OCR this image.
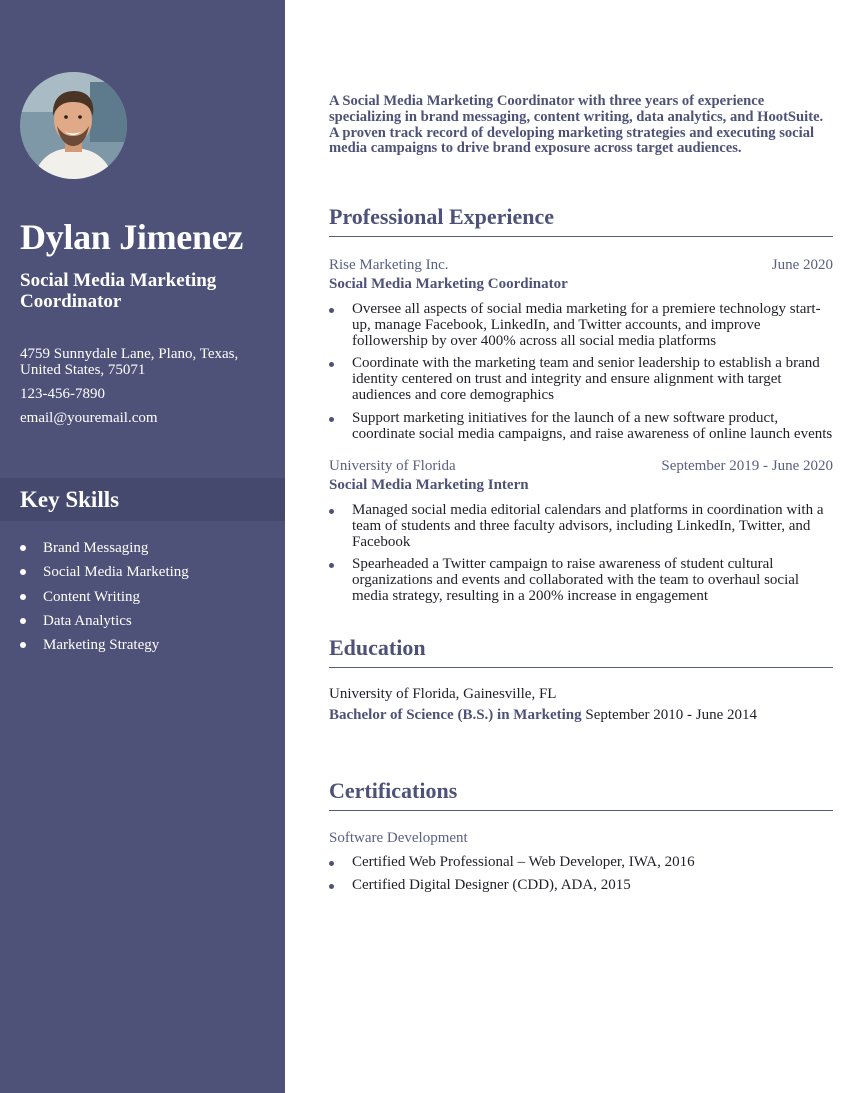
Dylan Jimenez
Social Media Marketing Coordinator
4759 Sunnydale Lane, Plano, Texas, United States, 75071
123-456-7890
email@youremail.com
Key Skills
Brand Messaging
Social Media Marketing
Content Writing
Data Analytics
Marketing Strategy

A Social Media Marketing Coordinator with three years of experience specializing in brand messaging, content writing, data analytics, and HootSuite. A proven track record of developing marketing strategies and executing social media campaigns to drive brand exposure across target audiences.

Professional Experience
Rise Marketing Inc.	June 2020
Social Media Marketing Coordinator
Oversee all aspects of social media marketing for a premiere technology start-up, manage Facebook, LinkedIn, and Twitter accounts, and improve followership by over 400% across all social media platforms
Coordinate with the marketing team and senior leadership to establish a brand identity centered on trust and integrity and ensure alignment with target audiences and core demographics
Support marketing initiatives for the launch of a new software product, coordinate social media campaigns, and raise awareness of online launch events
University of Florida	September 2019 - June 2020
Social Media Marketing Intern
Managed social media editorial calendars and platforms in coordination with a team of students and three faculty advisors, including LinkedIn, Twitter, and Facebook
Spearheaded a Twitter campaign to raise awareness of student cultural organizations and events and collaborated with the team to overhaul social media strategy, resulting in a 200% increase in engagement
Education
University of Florida, Gainesville, FL
Bachelor of Science (B.S.) in Marketing September 2010 - June 2014
Certifications
Software Development
Certified Web Professional – Web Developer, IWA, 2016
Certified Digital Designer (CDD), ADA, 2015
